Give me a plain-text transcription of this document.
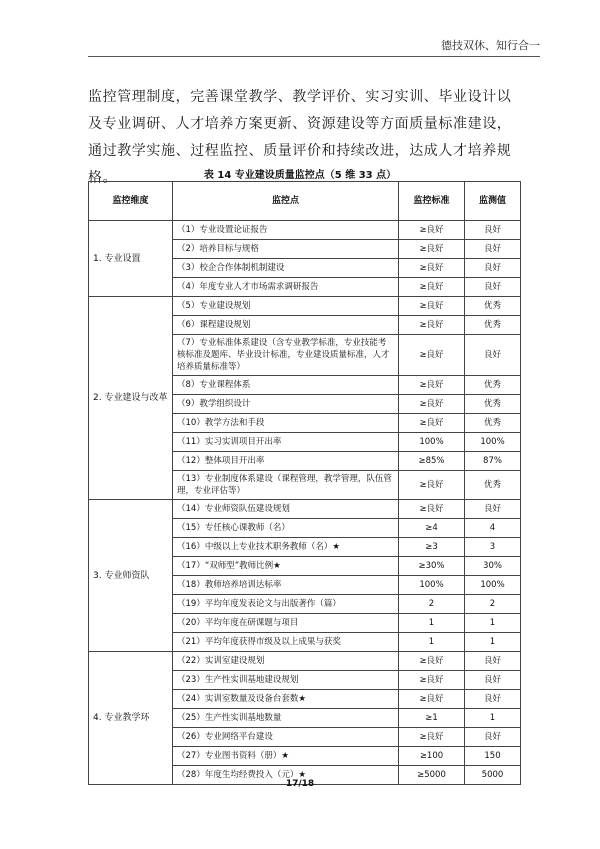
德技双休、知行合一
监控管理制度，完善课堂教学、教学评价、实习实训、毕业设计以及专业调研、人才培养方案更新、资源建设等方面质量标准建设，通过教学实施、过程监控、质量评价和持续改进，达成人才培养规格。	表 14 专业建设质量监控点（5 维 33 点）
监控维度	监控点	监控标准	监测值
1. 专业设置	（1）专业设置论证报告	≥良好	良好
	（2）培养目标与规格	≥良好	良好
	（3）校企合作体制机制建设	≥良好	良好
	（4）年度专业人才市场需求调研报告	≥良好	良好
2. 专业建设与改革	（5）专业建设规划	≥良好	优秀
	（6）课程建设规划	≥良好	优秀
	（7）专业标准体系建设（含专业教学标准，专业技能考核标准及题库、毕业设计标准，专业建设质量标准，人才培养质量标准等）	≥良好	良好
	（8）专业课程体系	≥良好	优秀
	（9）教学组织设计	≥良好	优秀
	（10）教学方法和手段	≥良好	优秀
	（11）实习实训项目开出率	100%	100%
	（12）整体项目开出率	≥85%	87%
	（13）专业制度体系建设（课程管理，教学管理，队伍管理，专业评估等）	≥良好	优秀
3. 专业师资队	（14）专业师资队伍建设规划	≥良好	良好
	（15）专任核心课教师（名）	≥4	4
	（16）中级以上专业技术职务教师（名）★	≥3	3
	（17）“双师型”教师比例★	≥30%	30%
	（18）教师培养培训达标率	100%	100%
	（19）平均年度发表论文与出版著作（篇）	2	2
	（20）平均年度在研课题与项目	1	1
	（21）平均年度获得市级及以上成果与获奖	1	1
4. 专业教学环	（22）实训室建设规划	≥良好	良好
	（23）生产性实训基地建设规划	≥良好	良好
	（24）实训室数量及设备台套数★	≥良好	良好
	（25）生产性实训基地数量	≥1	1
	（26）专业网络平台建设	≥良好	良好
	（27）专业图书资料（册）★	≥100	150
	（28）年度生均经费投入（元）★	≥5000	5000
17/18
